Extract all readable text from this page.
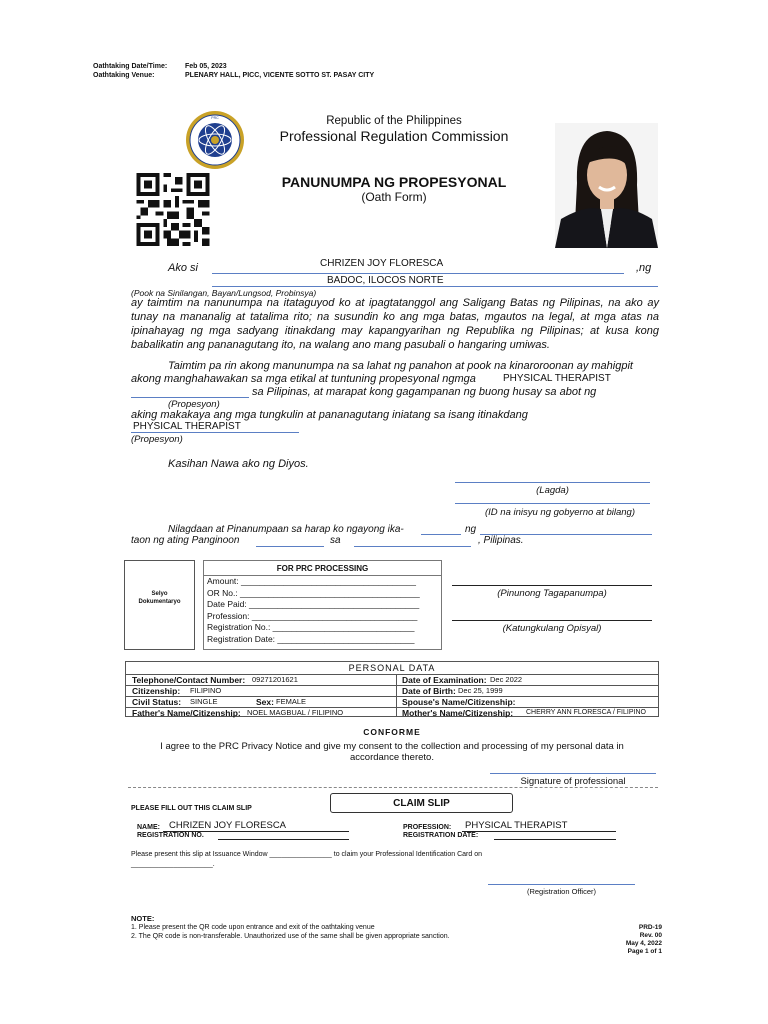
Oathtaking Date/Time:	Feb 05, 2023
Oathtaking Venue:	PLENARY HALL, PICC, VICENTE SOTTO ST. PASAY CITY
PRC	Republic of the Philippines
Professional Regulation Commission
PANUNUMPA NG PROPESYONAL
(Oath Form)
Ako si	CHRIZEN JOY FLORESCA	,ng
BADOC, ILOCOS NORTE
(Pook na Sinilangan, Bayan/Lungsod, Probinsya)
ay taimtim na nanunumpa na itataguyod ko at ipagtatanggol ang Saligang Batas ng Pilipinas, na ako ay tunay na mananalig at tatalima rito; na susundin ko ang mga batas, mgautos na legal, at mga atas na ipinahayag ng mga sadyang itinakdang may kapangyarihan ng Republika ng Pilipinas; at kusa kong babalikatin ang pananagutang ito, na walang ano mang pasubali o hangaring umiwas.
Taimtim pa rin akong manunumpa na sa lahat ng panahon at pook na kinaroroonan ay mahigpit
akong manghahawakan sa mga etikal at tuntuning propesyonal ngmga	PHYSICAL THERAPIST
sa Pilipinas, at marapat kong gagampanan ng buong husay sa abot ng
(Propesyon)
aking makakaya ang mga tungkulin at pananagutang iniatang sa isang itinakdang
PHYSICAL THERAPIST
(Propesyon)
Kasihan Nawa ako ng Diyos.
(Lagda)
(ID na inisyu ng gobyerno at bilang)
Nilagdaan at Pinanumpaan sa harap ko ngayong ika-	ng
taon ng ating Panginoon	sa	, Pilipinas.
Selyo
Dokumentaryo
FOR PRC PROCESSING
Amount: _____________________________________
OR No.: ______________________________________
Date Paid: ____________________________________
Profession: ___________________________________
Registration No.: ______________________________
Registration Date: _____________________________
(Pinunong Tagapanumpa)
(Katungkulang Opisyal)
PERSONAL DATA
Telephone/Contact Number: 09271201621	Date of Examination: Dec 2022
Citizenship: FILIPINO	Date of Birth: Dec 25, 1999
Civil Status: SINGLE	Sex: FEMALE	Spouse's Name/Citizenship:
Father's Name/Citizenship: NOEL MAGBUAL / FILIPINO	Mother's Name/Citizenship: CHERRY ANN FLORESCA / FILIPINO
CONFORME
I agree to the PRC Privacy Notice and give my consent to the collection and processing of my personal data in accordance thereto.
Signature of professional
PLEASE FILL OUT THIS CLAIM SLIP	CLAIM SLIP
NAME: CHRIZEN JOY FLORESCA
REGISTRATION NO.
PROFESSION: PHYSICAL THERAPIST
REGISTRATION DATE:
Please present this slip at Issuance Window ________________ to claim your Professional Identification Card on
_____________________.
(Registration Officer)
NOTE:
1. Please present the QR code upon entrance and exit of the oathtaking venue
2. The QR code is non-transferable. Unauthorized use of the same shall be given appropriate sanction.
PRD-19
Rev. 00
May 4, 2022
Page 1 of 1
